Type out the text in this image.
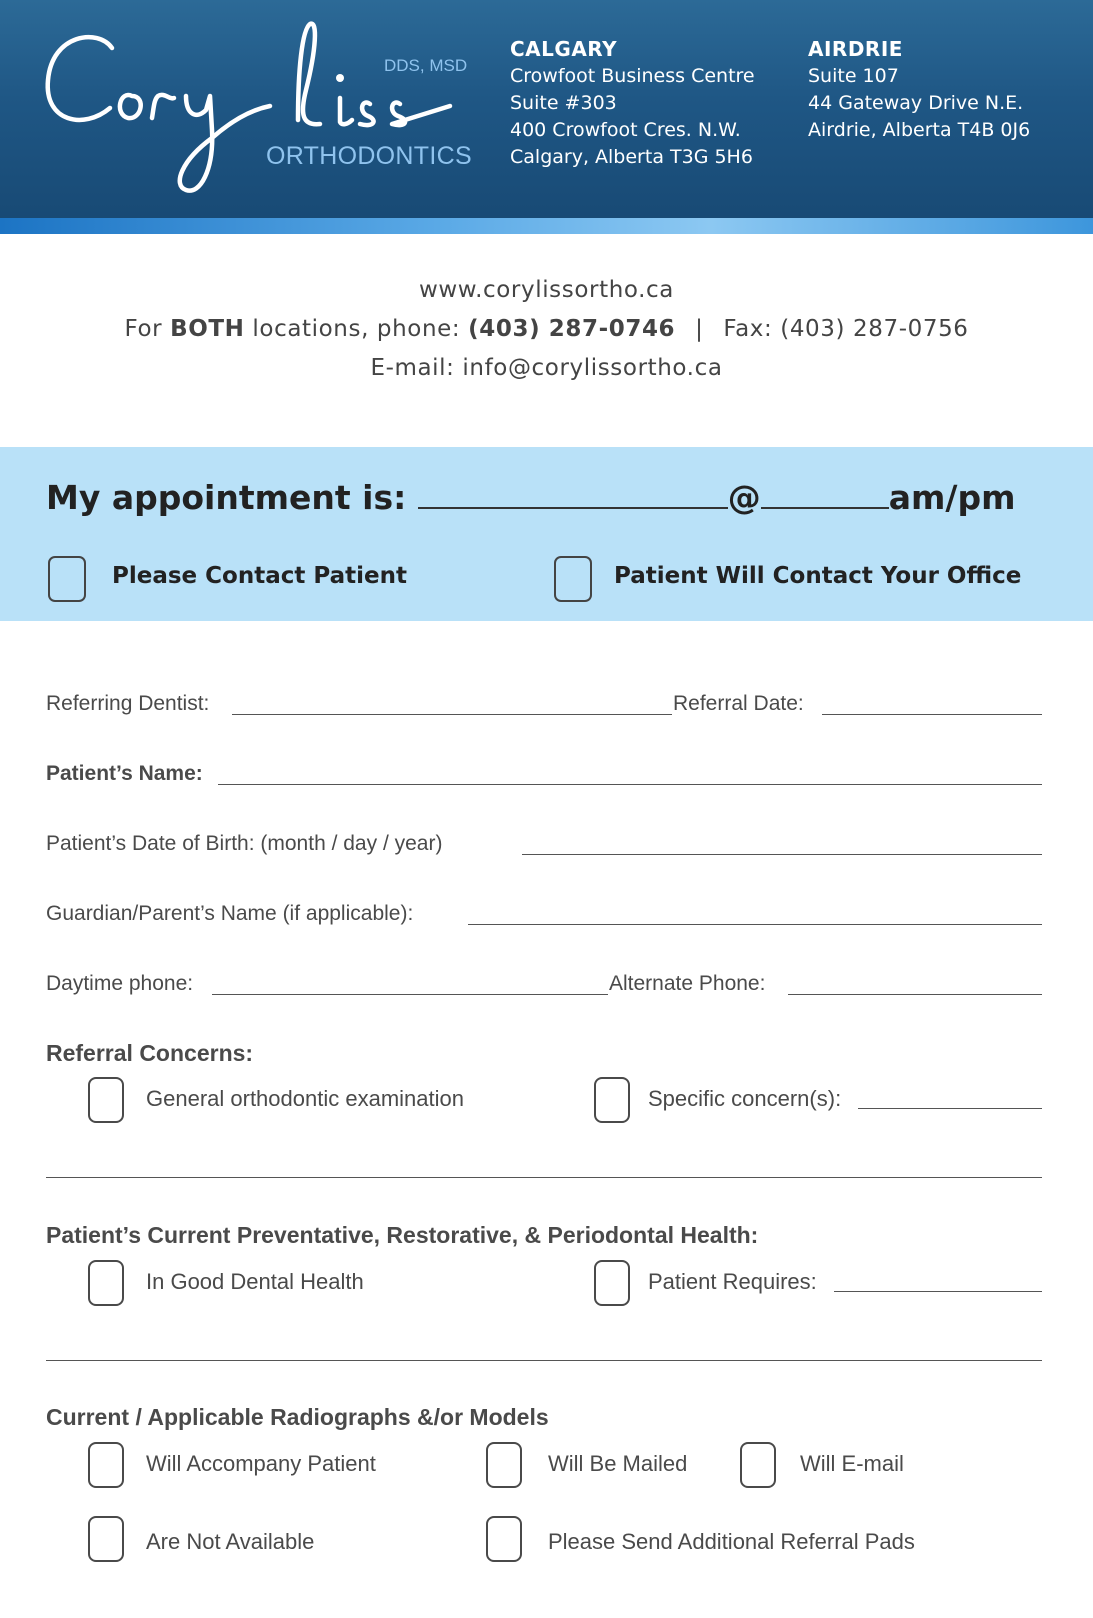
DDS, MSD
ORTHODONTICS
CALGARY
Crowfoot Business Centre
Suite #303
400 Crowfoot Cres. N.W.
Calgary, Alberta T3G 5H6
AIRDRIE
Suite 107
44 Gateway Drive N.E.
Airdrie, Alberta T4B 0J6
www.corylissortho.ca
For BOTH locations, phone: (403) 287-0746 | Fax: (403) 287-0756
E-mail: info@corylissortho.ca
My appointment is:	@	am/pm
Please Contact Patient	Patient Will Contact Your Office
Referring Dentist:	Referral Date:
Patient’s Name:
Patient’s Date of Birth: (month / day / year)
Guardian/Parent’s Name (if applicable):
Daytime phone:	Alternate Phone:
Referral Concerns:
General orthodontic examination	Specific concern(s):
Patient’s Current Preventative, Restorative, & Periodontal Health:
In Good Dental Health	Patient Requires:
Current / Applicable Radiographs &/or Models
Will Accompany Patient	Will Be Mailed	Will E-mail
Are Not Available	Please Send Additional Referral Pads
